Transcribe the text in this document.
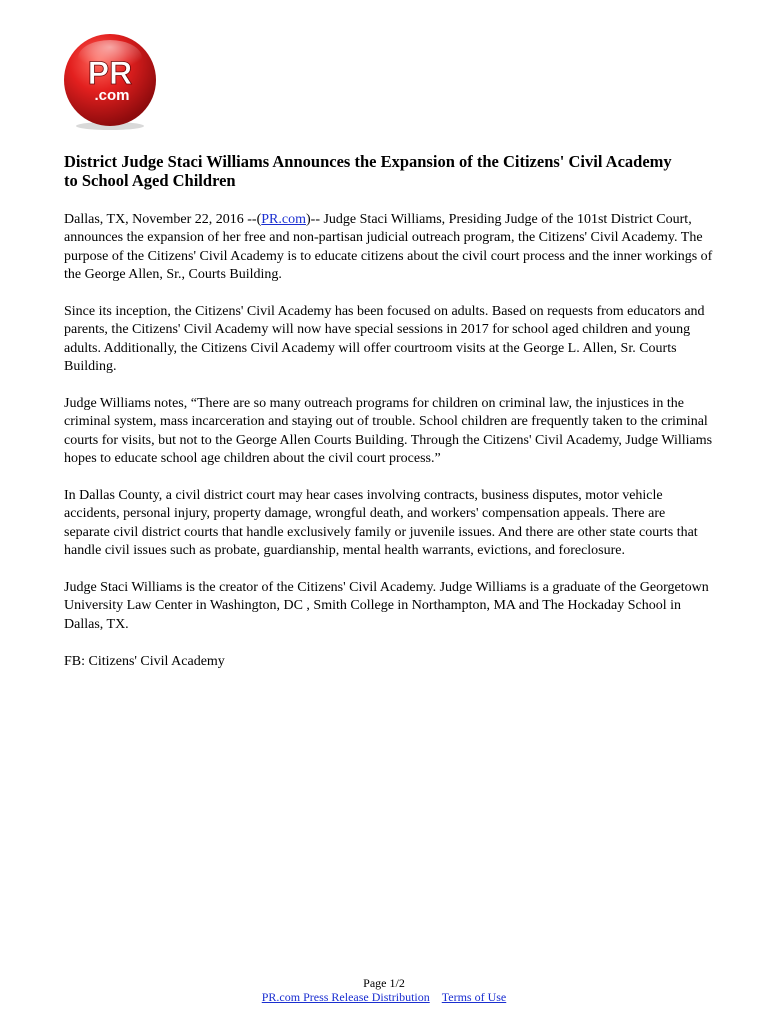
PR
.com
District Judge Staci Williams Announces the Expansion of the Citizens' Civil Academy to School Aged Children

Dallas, TX, November 22, 2016 --(PR.com)-- Judge Staci Williams, Presiding Judge of the 101st District Court, announces the expansion of her free and non-partisan judicial outreach program, the Citizens' Civil Academy. The purpose of the Citizens' Civil Academy is to educate citizens about the civil court process and the inner workings of the George Allen, Sr., Courts Building.

Since its inception, the Citizens' Civil Academy has been focused on adults. Based on requests from educators and parents, the Citizens' Civil Academy will now have special sessions in 2017 for school aged children and young adults. Additionally, the Citizens Civil Academy will offer courtroom visits at the George L. Allen, Sr. Courts Building.

Judge Williams notes, “There are so many outreach programs for children on criminal law, the injustices in the criminal system, mass incarceration and staying out of trouble. School children are frequently taken to the criminal courts for visits, but not to the George Allen Courts Building. Through the Citizens' Civil Academy, Judge Williams hopes to educate school age children about the civil court process.”

In Dallas County, a civil district court may hear cases involving contracts, business disputes, motor vehicle accidents, personal injury, property damage, wrongful death, and workers' compensation appeals. There are separate civil district courts that handle exclusively family or juvenile issues. And there are other state courts that handle civil issues such as probate, guardianship, mental health warrants, evictions, and foreclosure.

Judge Staci Williams is the creator of the Citizens' Civil Academy. Judge Williams is a graduate of the Georgetown University Law Center in Washington, DC , Smith College in Northampton, MA and The Hockaday School in Dallas, TX.

FB: Citizens' Civil Academy

Page 1/2
PR.com Press Release Distribution Terms of Use
